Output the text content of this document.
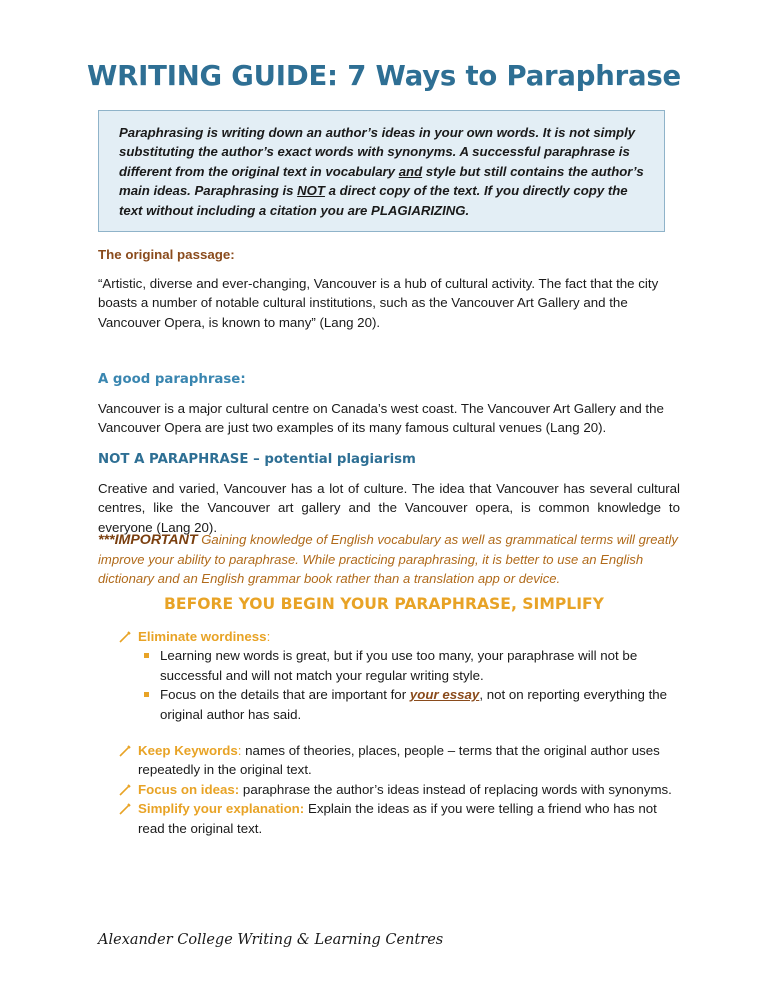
WRITING GUIDE: 7 Ways to Paraphrase

Paraphrasing is writing down an author’s ideas in your own words. It is not simply substituting the author’s exact words with synonyms. A successful paraphrase is different from the original text in vocabulary and style but still contains the author’s main ideas. Paraphrasing is NOT a direct copy of the text. If you directly copy the text without including a citation you are PLAGIARIZING.

The original passage:

“Artistic, diverse and ever-changing, Vancouver is a hub of cultural activity. The fact that the city boasts a number of notable cultural institutions, such as the Vancouver Art Gallery and the Vancouver Opera, is known to many” (Lang 20).

A good paraphrase:

Vancouver is a major cultural centre on Canada’s west coast. The Vancouver Art Gallery and the Vancouver Opera are just two examples of its many famous cultural venues (Lang 20).

NOT A PARAPHRASE – potential plagiarism

Creative and varied, Vancouver has a lot of culture. The idea that Vancouver has several cultural centres, like the Vancouver art gallery and the Vancouver opera, is common knowledge to everyone (Lang 20).

***IMPORTANT Gaining knowledge of English vocabulary as well as grammatical terms will greatly improve your ability to paraphrase. While practicing paraphrasing, it is better to use an English dictionary and an English grammar book rather than a translation app or device.

BEFORE YOU BEGIN YOUR PARAPHRASE, SIMPLIFY
Eliminate wordiness:
Learning new words is great, but if you use too many, your paraphrase will not be successful and will not match your regular writing style.
Focus on the details that are important for your essay, not on reporting everything the original author has said.
Keep Keywords: names of theories, places, people – terms that the original author uses repeatedly in the original text.
Focus on ideas: paraphrase the author’s ideas instead of replacing words with synonyms.
Simplify your explanation: Explain the ideas as if you were telling a friend who has not read the original text.
Alexander College Writing & Learning Centres
